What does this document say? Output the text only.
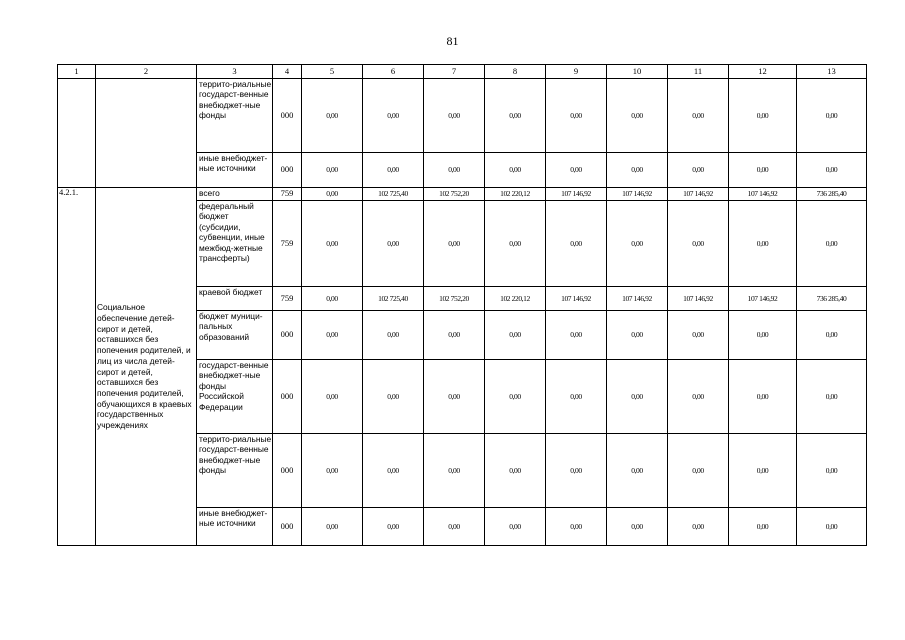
81
1	2	3	4	5	6	7	8	9	10	11	12	13
		террито-риальные государст-венные внебюджет-ные фонды	000	0,00	0,00	0,00	0,00	0,00	0,00	0,00	0,00	0,00
		иные внебюджет-ные источники	000	0,00	0,00	0,00	0,00	0,00	0,00	0,00	0,00	0,00
4.2.1.	Социальное обеспечение детей-сирот и детей, оставшихся без попечения родителей, и лиц из числа детей-сирот и детей, оставшихся без попечения родителей, обучающихся в краевых государственных учреждениях	всего	759	0,00	102 725,40	102 752,20	102 220,12	107 146,92	107 146,92	107 146,92	107 146,92	736 285,40
		федеральный бюджет (субсидии, субвенции, иные межбюд-жетные трансферты)	759	0,00	0,00	0,00	0,00	0,00	0,00	0,00	0,00	0,00
		краевой бюджет	759	0,00	102 725,40	102 752,20	102 220,12	107 146,92	107 146,92	107 146,92	107 146,92	736 285,40
		бюджет муници-пальных образований	000	0,00	0,00	0,00	0,00	0,00	0,00	0,00	0,00	0,00
		государст-венные внебюджет-ные фонды Российской Федерации	000	0,00	0,00	0,00	0,00	0,00	0,00	0,00	0,00	0,00
		террито-риальные государст-венные внебюджет-ные фонды	000	0,00	0,00	0,00	0,00	0,00	0,00	0,00	0,00	0,00
		иные внебюджет-ные источники	000	0,00	0,00	0,00	0,00	0,00	0,00	0,00	0,00	0,00
